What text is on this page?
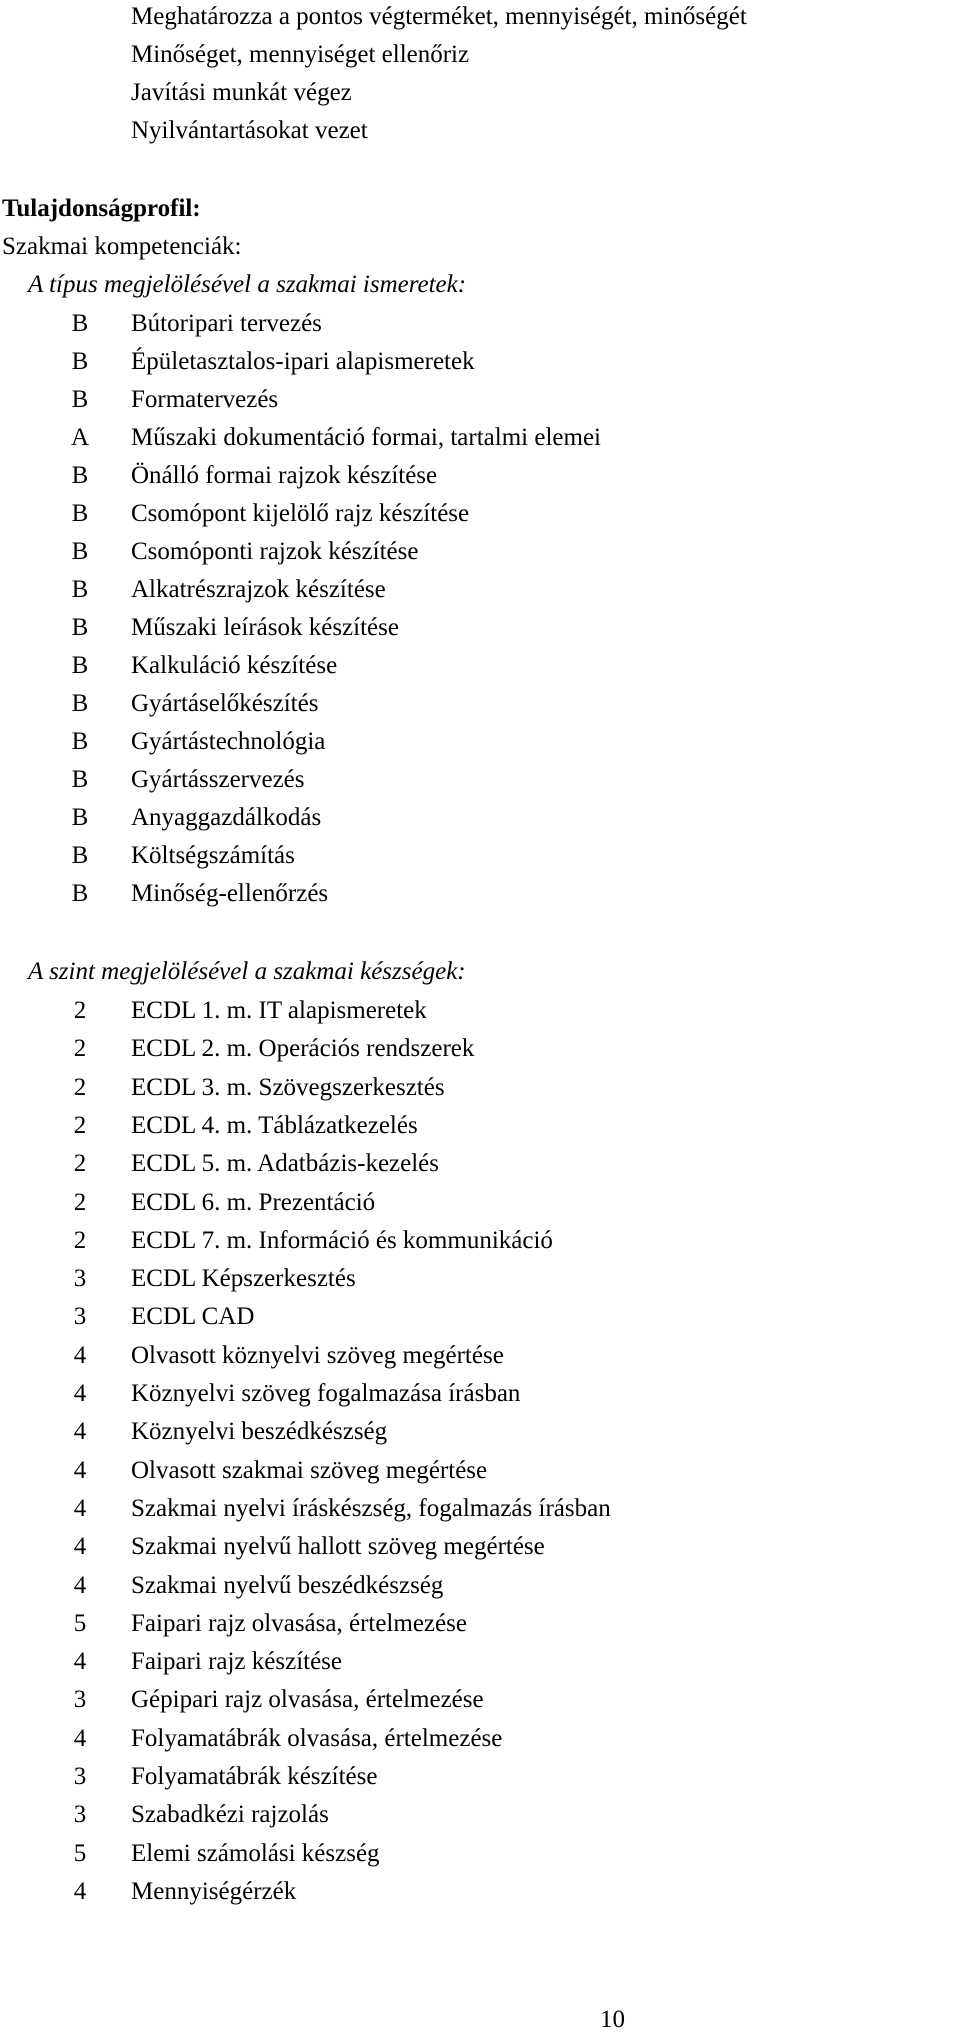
Meghatározza a pontos végterméket, mennyiségét, minőségét
Minőséget, mennyiséget ellenőriz
Javítási munkát végez
Nyilvántartásokat vezet
Tulajdonságprofil:
Szakmai kompetenciák:
A típus megjelölésével a szakmai ismeretek:
B	Bútoripari tervezés
B	Épületasztalos-ipari alapismeretek
B	Formatervezés
A	Műszaki dokumentáció formai, tartalmi elemei
B	Önálló formai rajzok készítése
B	Csomópont kijelölő rajz készítése
B	Csomóponti rajzok készítése
B	Alkatrészrajzok készítése
B	Műszaki leírások készítése
B	Kalkuláció készítése
B	Gyártáselőkészítés
B	Gyártástechnológia
B	Gyártásszervezés
B	Anyaggazdálkodás
B	Költségszámítás
B	Minőség-ellenőrzés
A szint megjelölésével a szakmai készségek:
2	ECDL 1. m. IT alapismeretek
2	ECDL 2. m. Operációs rendszerek
2	ECDL 3. m. Szövegszerkesztés
2	ECDL 4. m. Táblázatkezelés
2	ECDL 5. m. Adatbázis-kezelés
2	ECDL 6. m. Prezentáció
2	ECDL 7. m. Információ és kommunikáció
3	ECDL Képszerkesztés
3	ECDL CAD
4	Olvasott köznyelvi szöveg megértése
4	Köznyelvi szöveg fogalmazása írásban
4	Köznyelvi beszédkészség
4	Olvasott szakmai szöveg megértése
4	Szakmai nyelvi íráskészség, fogalmazás írásban
4	Szakmai nyelvű hallott szöveg megértése
4	Szakmai nyelvű beszédkészség
5	Faipari rajz olvasása, értelmezése
4	Faipari rajz készítése
3	Gépipari rajz olvasása, értelmezése
4	Folyamatábrák olvasása, értelmezése
3	Folyamatábrák készítése
3	Szabadkézi rajzolás
5	Elemi számolási készség
4	Mennyiségérzék
10
